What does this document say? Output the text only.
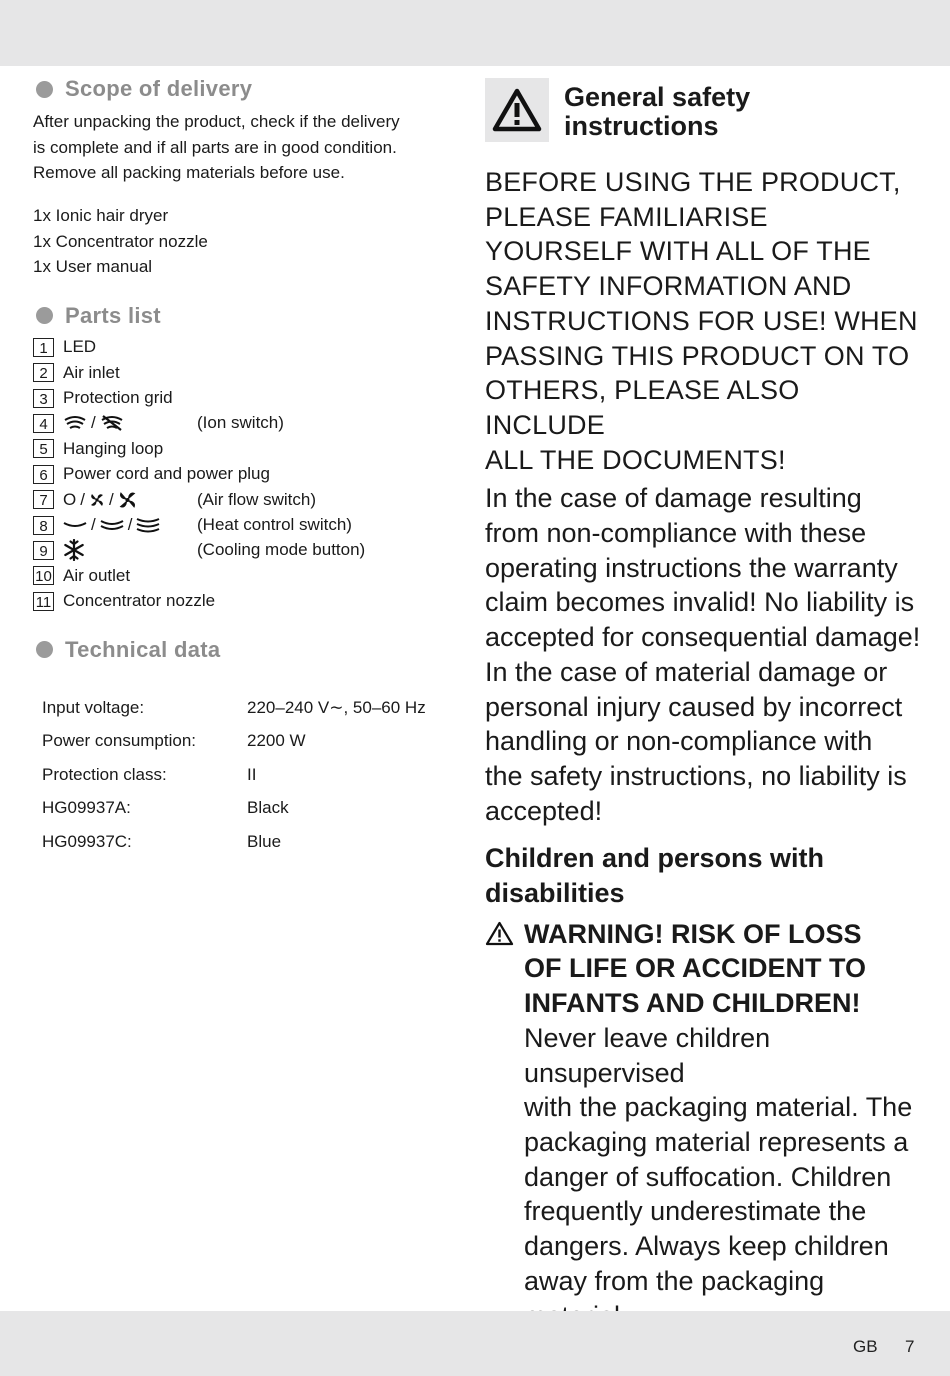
Scope of delivery
After unpacking the product, check if the delivery
is complete and if all parts are in good condition.
Remove all packing materials before use.
1x Ionic hair dryer
1x Concentrator nozzle
1x User manual
Parts list
1 LED
2 Air inlet
3 Protection grid
4	/	(Ion switch)
5 Hanging loop
6 Power cord and power plug
7 O / /	(Air flow switch)
8	/ /	(Heat control switch)
9	(Cooling mode button)
10 Air outlet
11 Concentrator nozzle
Technical data
Input voltage:	220–240 V∼, 50–60 Hz
Power consumption:	2200 W
Protection class:	II
HG09937A:	Black
HG09937C:	Blue
General safety
instructions
BEFORE USING THE PRODUCT,
PLEASE FAMILIARISE
YOURSELF WITH ALL OF THE
SAFETY INFORMATION AND
INSTRUCTIONS FOR USE! WHEN
PASSING THIS PRODUCT ON TO
OTHERS, PLEASE ALSO INCLUDE
ALL THE DOCUMENTS!
In the case of damage resulting
from non-compliance with these
operating instructions the warranty
claim becomes invalid! No liability is
accepted for consequential damage!
In the case of material damage or
personal injury caused by incorrect
handling or non-compliance with
the safety instructions, no liability is
accepted!
Children and persons with
disabilities
WARNING! RISK OF LOSS
OF LIFE OR ACCIDENT TO
INFANTS AND CHILDREN!
Never leave children unsupervised
with the packaging material. The
packaging material represents a
danger of suffocation. Children
frequently underestimate the
dangers. Always keep children
away from the packaging
GB 7
